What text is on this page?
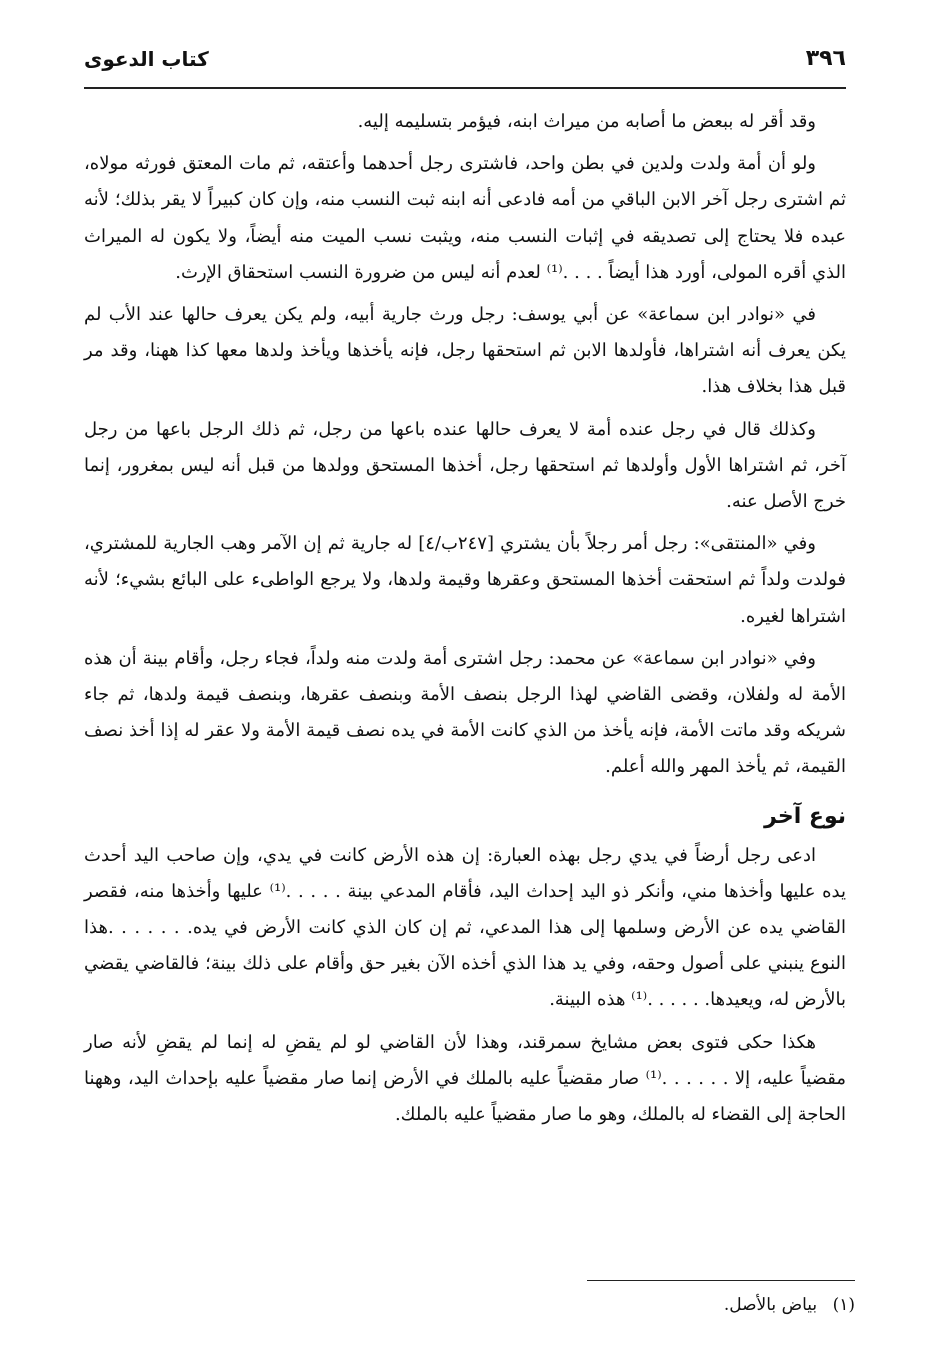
٣٩٦
كتاب الدعوى

وقد أقر له ببعض ما أصابه من ميراث ابنه، فيؤمر بتسليمه إليه.

ولو أن أمة ولدت ولدين في بطن واحد، فاشترى رجل أحدهما وأعتقه، ثم مات المعتق فورثه مولاه، ثم اشترى رجل آخر الابن الباقي من أمه فادعى أنه ابنه ثبت النسب منه، وإن كان كبيراً لا يقر بذلك؛ لأنه عبده فلا يحتاج إلى تصديقه في إثبات النسب منه، ويثبت نسب الميت منه أيضاً، ولا يكون له الميراث الذي أقره المولى، أورد هذا أيضاً . . . .⁽¹⁾ لعدم أنه ليس من ضرورة النسب استحقاق الإرث.

في «نوادر ابن سماعة» عن أبي يوسف: رجل ورث جارية أبيه، ولم يكن يعرف حالها عند الأب لم يكن يعرف أنه اشتراها، فأولدها الابن ثم استحقها رجل، فإنه يأخذها ويأخذ ولدها معها كذا ههنا، وقد مر قبل هذا بخلاف هذا.

وكذلك قال في رجل عنده أمة لا يعرف حالها عنده باعها من رجل، ثم ذلك الرجل باعها من رجل آخر، ثم اشتراها الأول وأولدها ثم استحقها رجل، أخذها المستحق وولدها من قبل أنه ليس بمغرور، إنما خرج الأصل عنه.

وفي «المنتقى»: رجل أمر رجلاً بأن يشتري [٢٤٧ب/٤] له جارية ثم إن الآمر وهب الجارية للمشتري، فولدت ولداً ثم استحقت أخذها المستحق وعقرها وقيمة ولدها، ولا يرجع الواطىء على البائع بشيء؛ لأنه اشتراها لغيره.

وفي «نوادر ابن سماعة» عن محمد: رجل اشترى أمة ولدت منه ولداً، فجاء رجل، وأقام بينة أن هذه الأمة له ولفلان، وقضى القاضي لهذا الرجل بنصف الأمة وبنصف عقرها، وبنصف قيمة ولدها، ثم جاء شريكه وقد ماتت الأمة، فإنه يأخذ من الذي كانت الأمة في يده نصف قيمة الأمة ولا عقر له إذا أخذ نصف القيمة، ثم يأخذ المهر والله أعلم.

نوع آخر

ادعى رجل أرضاً في يدي رجل بهذه العبارة: إن هذه الأرض كانت في يدي، وإن صاحب اليد أحدث يده عليها وأخذها مني، وأنكر ذو اليد إحداث اليد، فأقام المدعي بينة . . . . .⁽¹⁾ عليها وأخذها منه، فقصر القاضي يده عن الأرض وسلمها إلى هذا المدعي، ثم إن كان الذي كانت الأرض في يده. . . . . . .هذا النوع ينبني على أصول وحقه، وفي يد هذا الذي أخذه الآن بغير حق وأقام على ذلك بينة؛ فالقاضي يقضي بالأرض له، ويعيدها. . . . . .⁽¹⁾ هذه البينة.

هكذا حكى فتوى بعض مشايخ سمرقند، وهذا لأن القاضي لو لم يقضِ له إنما لم يقضِ لأنه صار مقضياً عليه، إلا . . . . . .⁽¹⁾ صار مقضياً عليه بالملك في الأرض إنما صار مقضياً عليه بإحداث اليد، وههنا الحاجة إلى القضاء له بالملك، وهو ما صار مقضياً عليه بالملك.

(١) بياض بالأصل.
